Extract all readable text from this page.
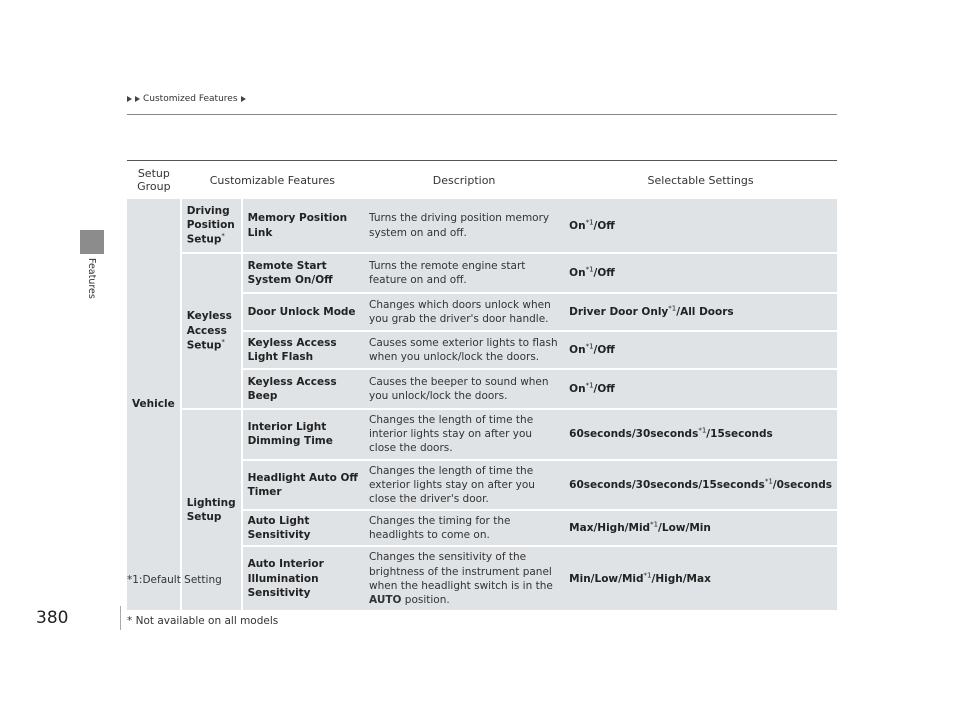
Customized Features
Features
Setup Group	Customizable Features		Description	Selectable Settings
Vehicle	Driving Position Setup*	Memory Position Link	Turns the driving position memory system on and off.	On$^{*1}$/Off
	Keyless Access Setup*	Remote Start System On/Off	Turns the remote engine start feature on and off.	On$^{*1}$/Off
		Door Unlock Mode	Changes which doors unlock when you grab the driver's door handle.	Driver Door Only$^{*1}$/All Doors
		Keyless Access Light Flash	Causes some exterior lights to flash when you unlock/lock the doors.	On$^{*1}$/Off
		Keyless Access Beep	Causes the beeper to sound when you unlock/lock the doors.	On$^{*1}$/Off
	Lighting Setup	Interior Light Dimming Time	Changes the length of time the interior lights stay on after you close the doors.	60seconds/30seconds$^{*1}$/15seconds
		Headlight Auto Off Timer	Changes the length of time the exterior lights stay on after you close the driver's door.	60seconds/30seconds/15seconds$^{*1}$/0seconds
		Auto Light Sensitivity	Changes the timing for the headlights to come on.	Max/High/Mid$^{*1}$/Low/Min
		Auto Interior Illumination Sensitivity	Changes the sensitivity of the brightness of the instrument panel when the headlight switch is in the AUTO position.	Min/Low/Mid$^{*1}$/High/Max
*1:Default Setting
380	* Not available on all models
